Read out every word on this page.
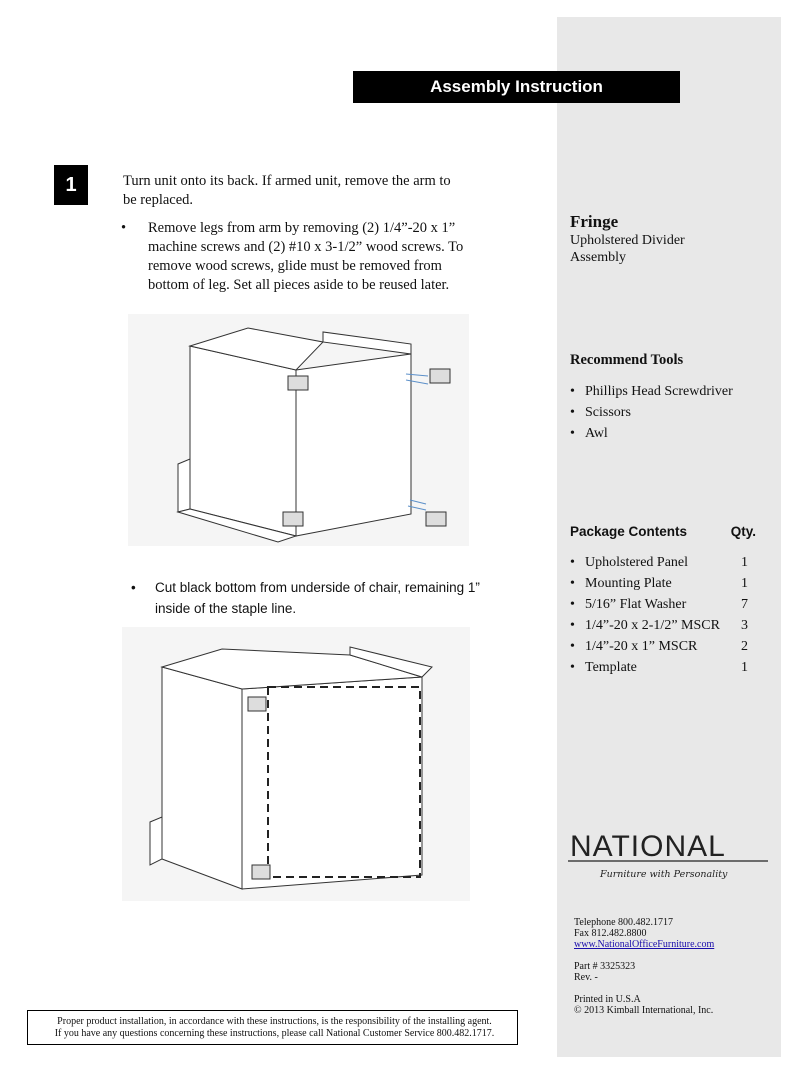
Assembly Instruction
1	Turn unit onto its back. If armed unit, remove the arm to be replaced.
• Remove legs from arm by removing (2) 1/4”-20 x 1” machine screws and (2) #10 x 3-1/2” wood screws. To remove wood screws, glide must be removed from bottom of leg. Set all pieces aside to be reused later.
• Cut black bottom from underside of chair, remaining 1” inside of the staple line.
Fringe
Upholstered Divider
Assembly
Recommend Tools
• Phillips Head Screwdriver
• Scissors
• Awl
Package Contents	Qty.
• Upholstered Panel	1
• Mounting Plate	1
• 5/16” Flat Washer	7
• 1/4”-20 x 2-1/2” MSCR 3
• 1/4”-20 x 1” MSCR	2
• Template	1
NATIONAL
Furniture with Personality
Telephone 800.482.1717
Fax 812.482.8800
www.NationalOfficeFurniture.com
Part # 3325323
Rev. -
Printed in U.S.A
© 2013 Kimball International, Inc.
Proper product installation, in accordance with these instructions, is the responsibility of the installing agent.
If you have any questions concerning these instructions, please call National Customer Service 800.482.1717.
